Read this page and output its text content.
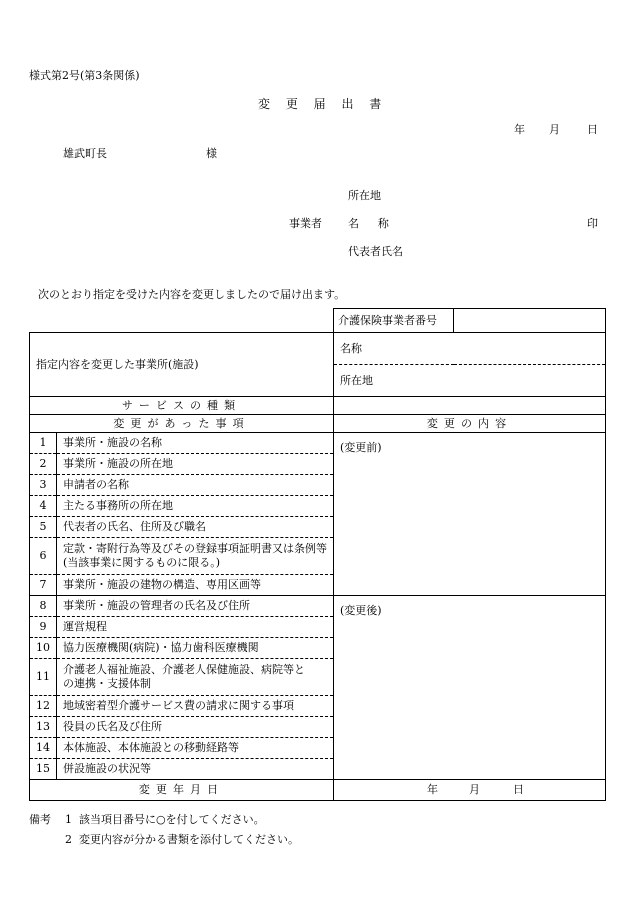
様式第2号(第3条関係)
変 更 届 出 書
年 月 日
雄武町長	様
所在地
事業者 名 称	印
代表者氏名
次のとおり指定を受けた内容を変更しましたので届け出ます。
		介護保険事業者番号	
指定内容を変更した事業所(施設)		名称	
		所在地	
サービスの種類			
変更があった事項		変更の内容	
1	事業所・施設の名称	(変更前)	
2	事業所・施設の所在地		
3	申請者の名称		
4	主たる事務所の所在地		
5	代表者の氏名、住所及び職名		
6	定款・寄附行為等及びその登録事項証明書又は条例等
(当該事業に関するものに限る。)		

7	事業所・施設の建物の構造、専用区画等		
8	事業所・施設の管理者の氏名及び住所	(変更後)	
9	運営規程		
10	協力医療機関(病院)・協力歯科医療機関		
11	介護老人福祉施設、介護老人保健施設、病院等と
の連携・支援体制		

12	地域密着型介護サービス費の請求に関する事項		
13	役員の氏名及び住所		
14	本体施設、本体施設との移動経路等		
15	併設施設の状況等		
変更年月日		年 月 日	
備考	1 該当項目番号に○を付してください。
2 変更内容が分かる書類を添付してください。
